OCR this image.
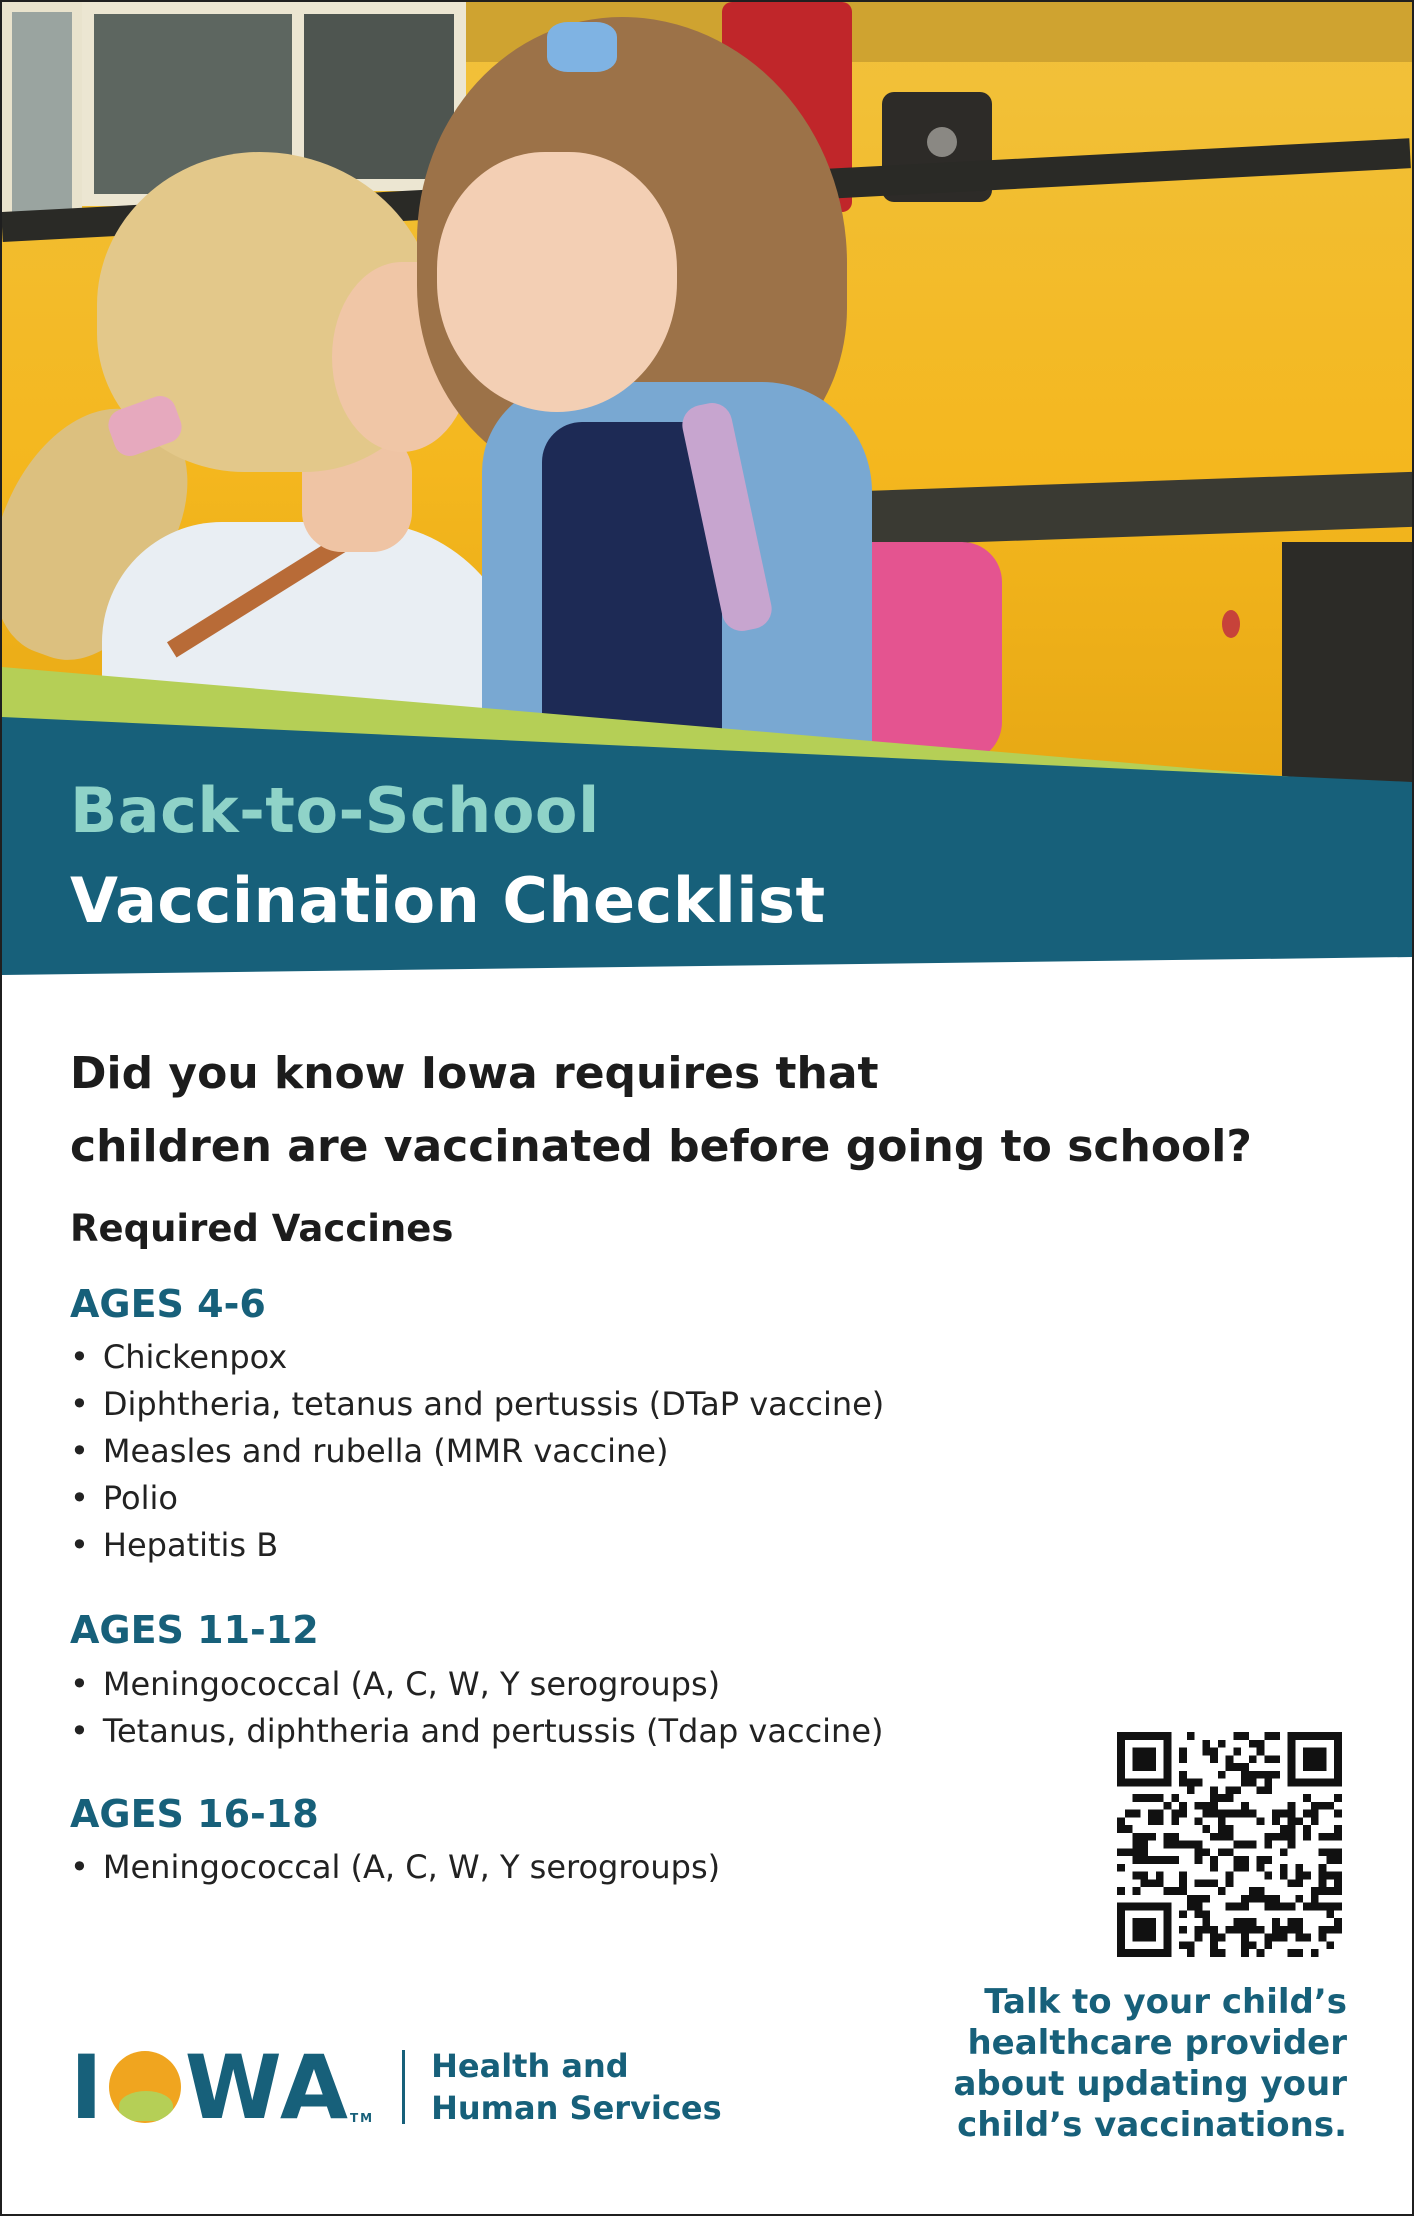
Back-to-School
Vaccination Checklist
Did you know Iowa requires that
children are vaccinated before going to school?
Required Vaccines
AGES 4-6
• Chickenpox
• Diphtheria, tetanus and pertussis (DTaP vaccine)
• Measles and rubella (MMR vaccine)
• Polio
• Hepatitis B
AGES 11-12
• Meningococcal (A, C, W, Y serogroups)
• Tetanus, diphtheria and pertussis (Tdap vaccine)
AGES 16-18
• Meningococcal (A, C, W, Y serogroups)

Talk to your child’s
healthcare provider
about updating your
child’s vaccinations.

I WA TM
Health and
Human Services
